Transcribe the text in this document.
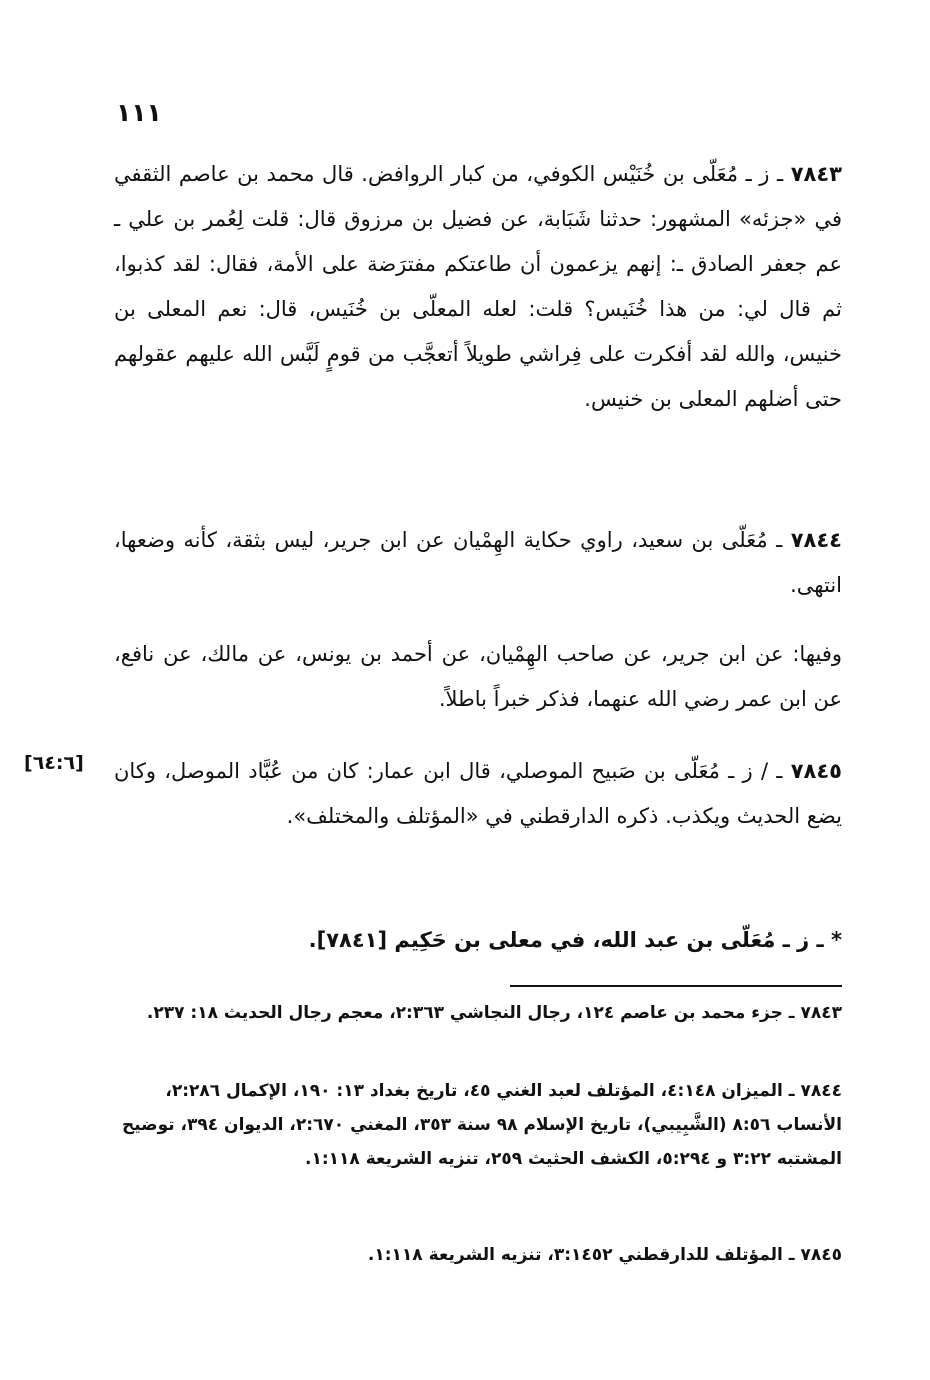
١١١
٧٨٤٣ ـ ز ـ مُعَلّى بن خُنَيْس الكوفي، من كبار الروافض. قال محمد بن عاصم الثقفي في «جزئه» المشهور: حدثنا شَبَابة، عن فضيل بن مرزوق قال: قلت لِعُمر بن علي ـ عم جعفر الصادق ـ: إنهم يزعمون أن طاعتكم مفترَضة على الأمة، فقال: لقد كذبوا، ثم قال لي: من هذا خُنَيس؟ قلت: لعله المعلّى بن خُنَيس، قال: نعم المعلى بن خنيس، والله لقد أفكرت على فِراشي طويلاً أتعجَّب من قومٍ لَبَّس الله عليهم عقولهم حتى أضلهم المعلى بن خنيس.
٧٨٤٤ ـ مُعَلّى بن سعيد، راوي حكاية الهِمْيان عن ابن جرير، ليس بثقة، كأنه وضعها، انتهى.
وفيها: عن ابن جرير، عن صاحب الهِمْيان، عن أحمد بن يونس، عن مالك، عن نافع، عن ابن عمر رضي الله عنهما، فذكر خبراً باطلاً.
٧٨٤٥ ـ / ز ـ مُعَلّى بن صَبيح الموصلي، قال ابن عمار: كان من عُبَّاد الموصل، وكان يضع الحديث ويكذب. ذكره الدارقطني في «المؤتلف والمختلف».
[٦٤:٦]
* ـ ز ـ مُعَلّى بن عبد الله، في معلى بن حَكِيم [٧٨٤١].
٧٨٤٣ ـ جزء محمد بن عاصم ١٢٤، رجال النجاشي ٢:٣٦٣، معجم رجال الحديث ١٨: ٢٣٧.
٧٨٤٤ ـ الميزان ٤:١٤٨، المؤتلف لعبد الغني ٤٥، تاريخ بغداد ١٣: ١٩٠، الإكمال ٢:٢٨٦، الأنساب ٨:٥٦ (الشَّبِيبي)، تاريخ الإسلام ٩٨ سنة ٣٥٣، المغني ٢:٦٧٠، الديوان ٣٩٤، توضيح المشتبه ٣:٢٢ و ٥:٢٩٤، الكشف الحثيث ٢٥٩، تنزيه الشريعة ١:١١٨.
٧٨٤٥ ـ المؤتلف للدارقطني ٣:١٤٥٢، تنزيه الشريعة ١:١١٨.
